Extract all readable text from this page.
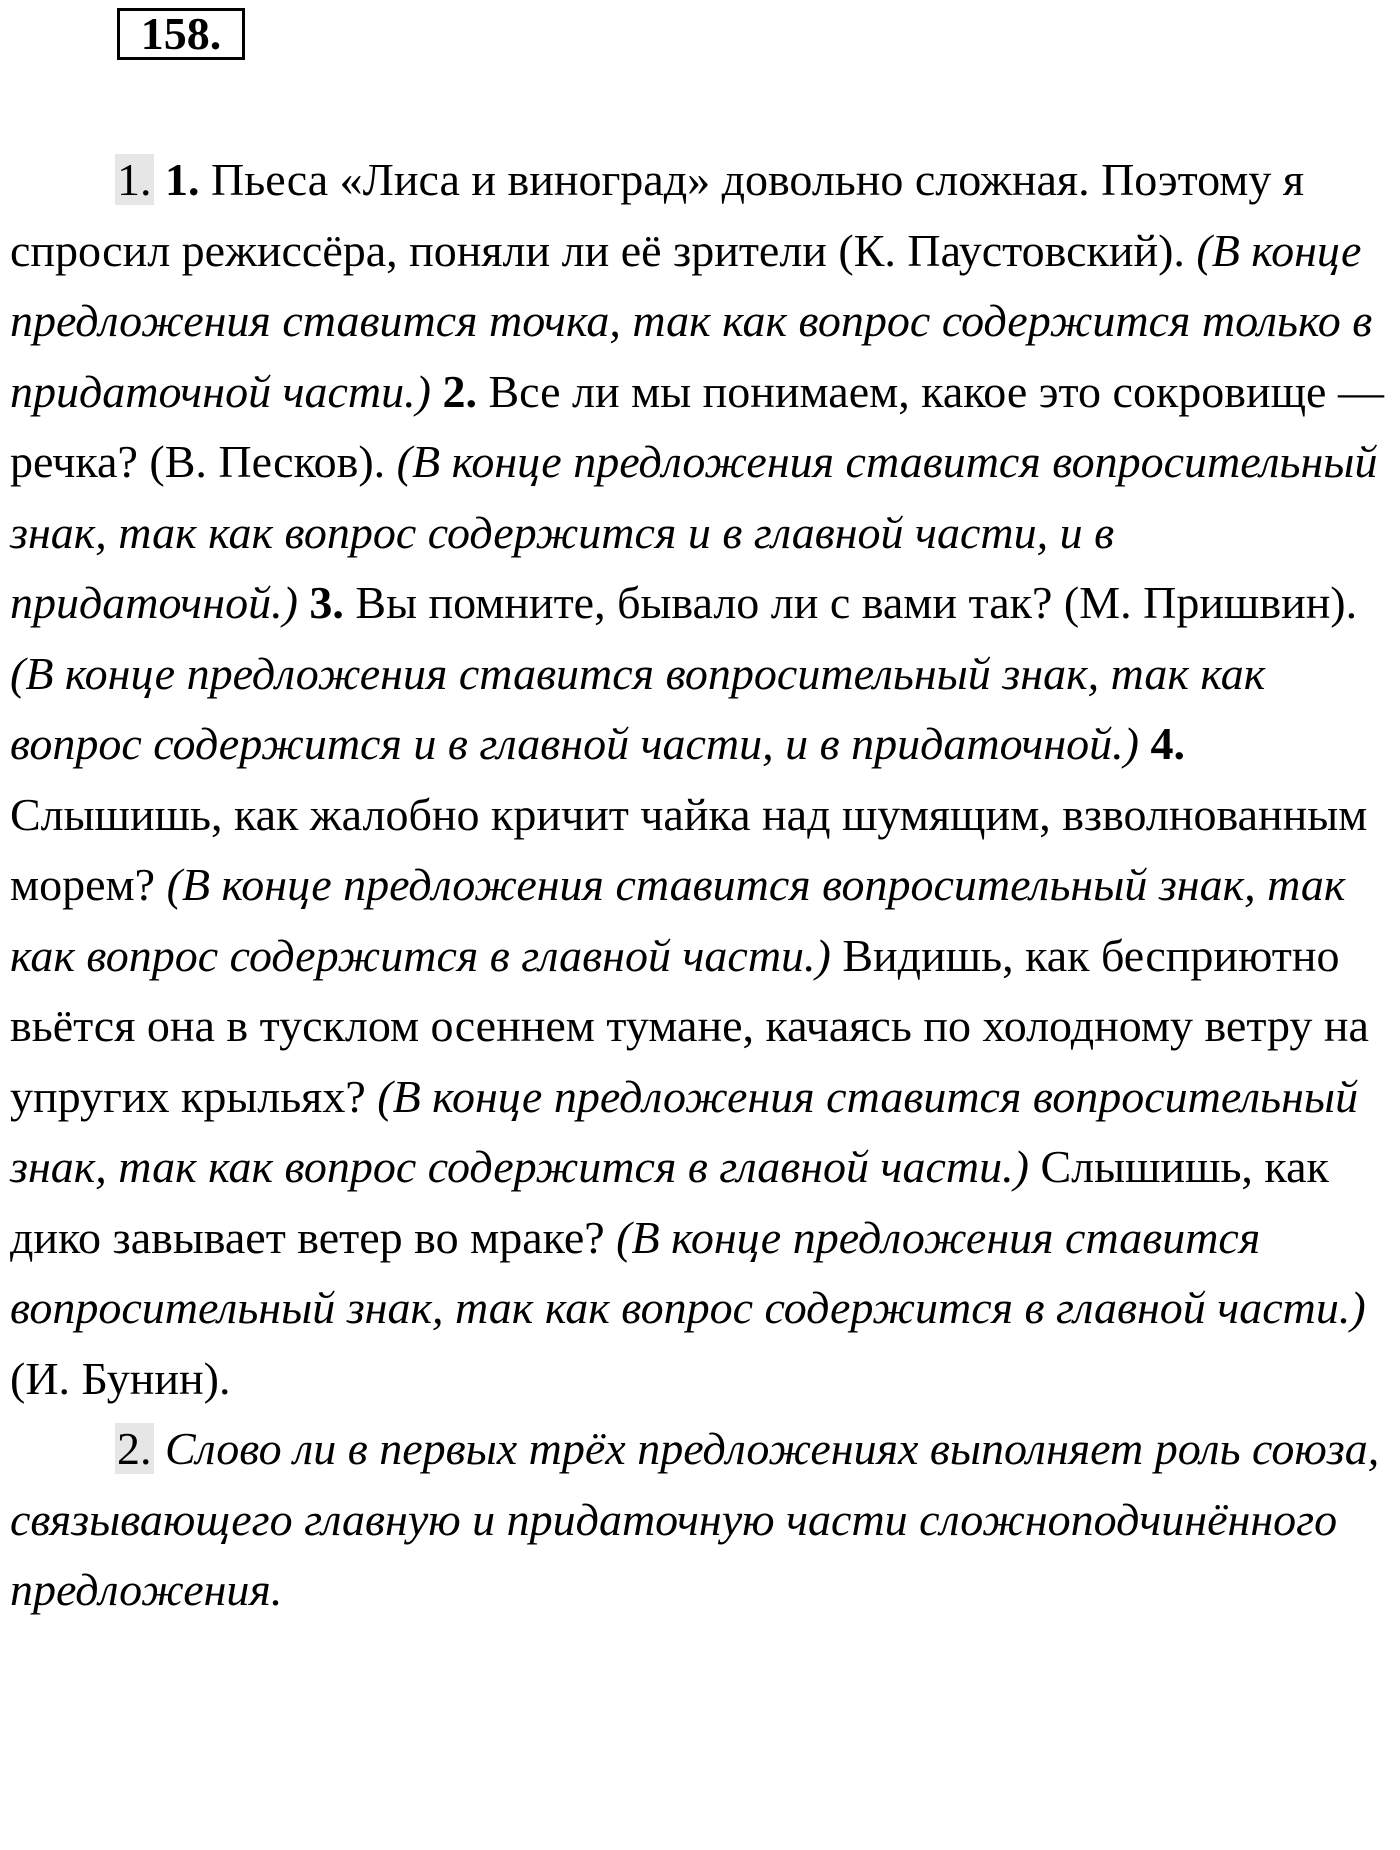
158.

1. 1. Пьеса «Лиса и виноград» довольно сложная. Поэтому я спросил режиссёра, поняли ли её зрители (К. Паустовский). (В конце предложения ставится точка, так как вопрос содержится только в придаточной части.) 2. Все ли мы понимаем, какое это сокровище — речка? (В. Песков). (В конце предложения ставится вопросительный знак, так как вопрос содержится и в главной части, и в придаточной.) 3. Вы помните, бывало ли с вами так? (М. Пришвин). (В конце предложения ставится вопросительный знак, так как вопрос содержится и в главной части, и в придаточной.) 4. Слышишь, как жалобно кричит чайка над шумящим, взволнованным морем? (В конце предложения ставится вопросительный знак, так как вопрос содержится в главной части.) Видишь, как бесприютно вьётся она в тусклом осеннем тумане, качаясь по холодному ветру на упругих крыльях? (В конце предложения ставится вопросительный знак, так как вопрос содержится в главной части.) Слышишь, как дико завывает ветер во мраке? (В конце предложения ставится вопросительный знак, так как вопрос содержится в главной части.) (И. Бунин).

2. Слово ли в первых трёх предложениях выполняет роль союза, связывающего главную и придаточную части сложноподчинённого предложения.
